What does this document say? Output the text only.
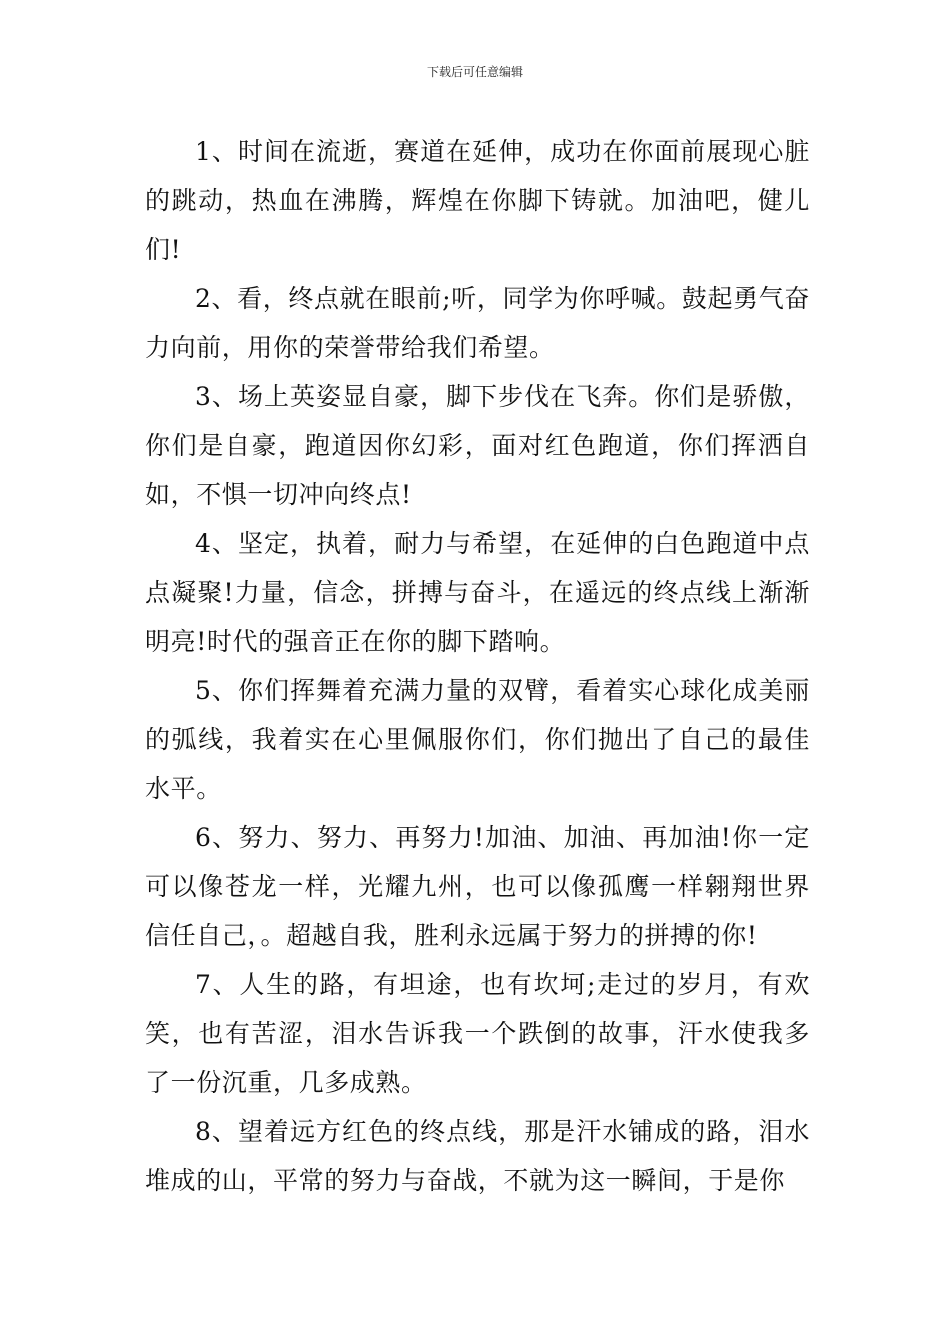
下载后可任意编辑

1、时间在流逝，赛道在延伸，成功在你面前展现心脏的跳动，热血在沸腾，辉煌在你脚下铸就。加油吧，健儿们!

2、看，终点就在眼前;听，同学为你呼喊。鼓起勇气奋力向前，用你的荣誉带给我们希望。

3、场上英姿显自豪，脚下步伐在飞奔。你们是骄傲，你们是自豪，跑道因你幻彩，面对红色跑道，你们挥洒自如，不惧一切冲向终点!

4、坚定，执着，耐力与希望，在延伸的白色跑道中点点凝聚!力量，信念，拼搏与奋斗，在遥远的终点线上渐渐明亮!时代的强音正在你的脚下踏响。

5、你们挥舞着充满力量的双臂，看着实心球化成美丽的弧线，我着实在心里佩服你们，你们抛出了自己的最佳水平。

6、努力、努力、再努力!加油、加油、再加油!你一定可以像苍龙一样，光耀九州，也可以像孤鹰一样翱翔世界信任自己，。超越自我，胜利永远属于努力的拼搏的你!

7、人生的路，有坦途，也有坎坷;走过的岁月，有欢笑，也有苦涩，泪水告诉我一个跌倒的故事，汗水使我多了一份沉重，几多成熟。

8、望着远方红色的终点线，那是汗水铺成的路，泪水堆成的山，平常的努力与奋战，不就为这一瞬间，于是你
